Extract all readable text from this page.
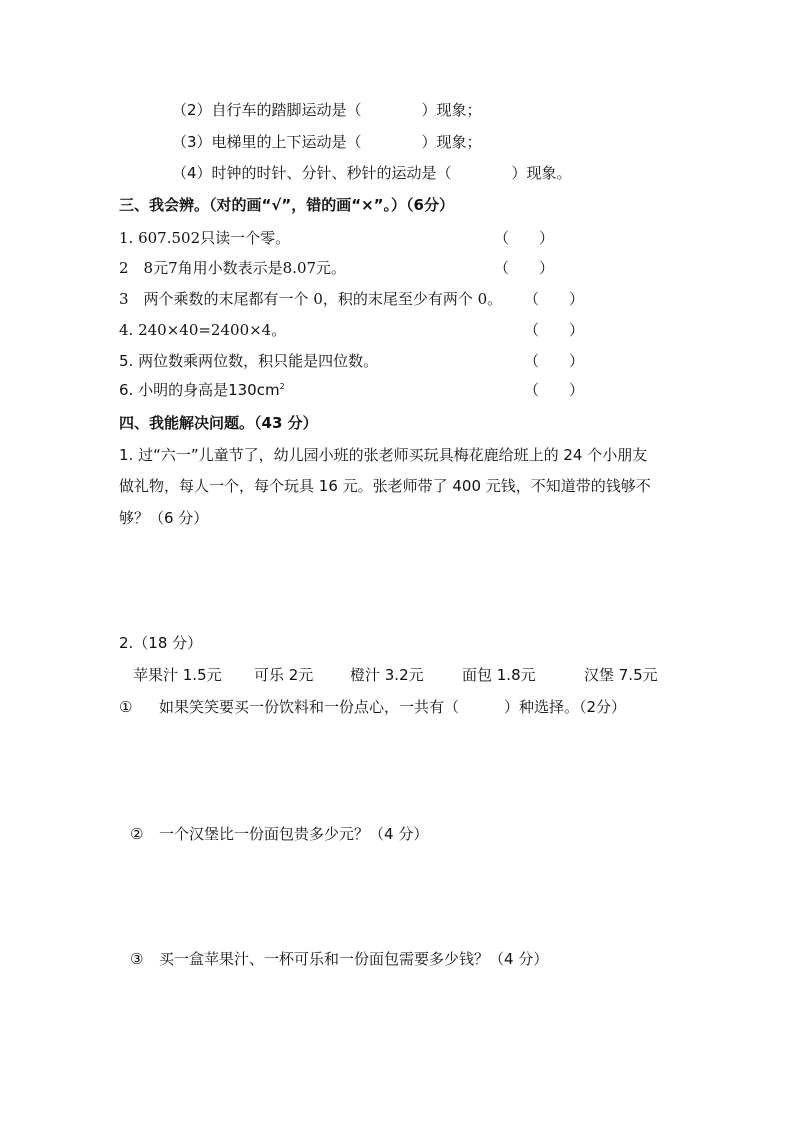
（2）自行车的踏脚运动是（　　　　）现象；
（3）电梯里的上下运动是（　　　　）现象；
（4）时钟的时针、分针、秒针的运动是（　　　　）现象。
三、我会辨。（对的画“√”，错的画“×”。）（6分）
1. 607.502只读一个零。	（　　）
2　8元7角用小数表示是8.07元。	（　　）
3　两个乘数的末尾都有一个 0，积的末尾至少有两个 0。 （　　）
4. 240×40=2400×4。	（　　）
5. 两位数乘两位数，积只能是四位数。	（　　）
6. 小明的身高是$130cm^2$	（　　）
四、我能解决问题。（43 分）
1. 过“六一”儿童节了，幼儿园小班的张老师买玩具梅花鹿给班上的 24 个小朋友
做礼物，每人一个，每个玩具 16 元。张老师带了 400 元钱，不知道带的钱够不
够？（6 分）
2.（18 分）
苹果汁 1.5元 可乐 2元 橙汁 3.2元	面包 1.8元	汉堡 7.5元
① 如果笑笑要买一份饮料和一份点心，一共有（　　　）种选择。（2分）
② 一个汉堡比一份面包贵多少元？（4 分）
③ 买一盒苹果汁、一杯可乐和一份面包需要多少钱？（4 分）
